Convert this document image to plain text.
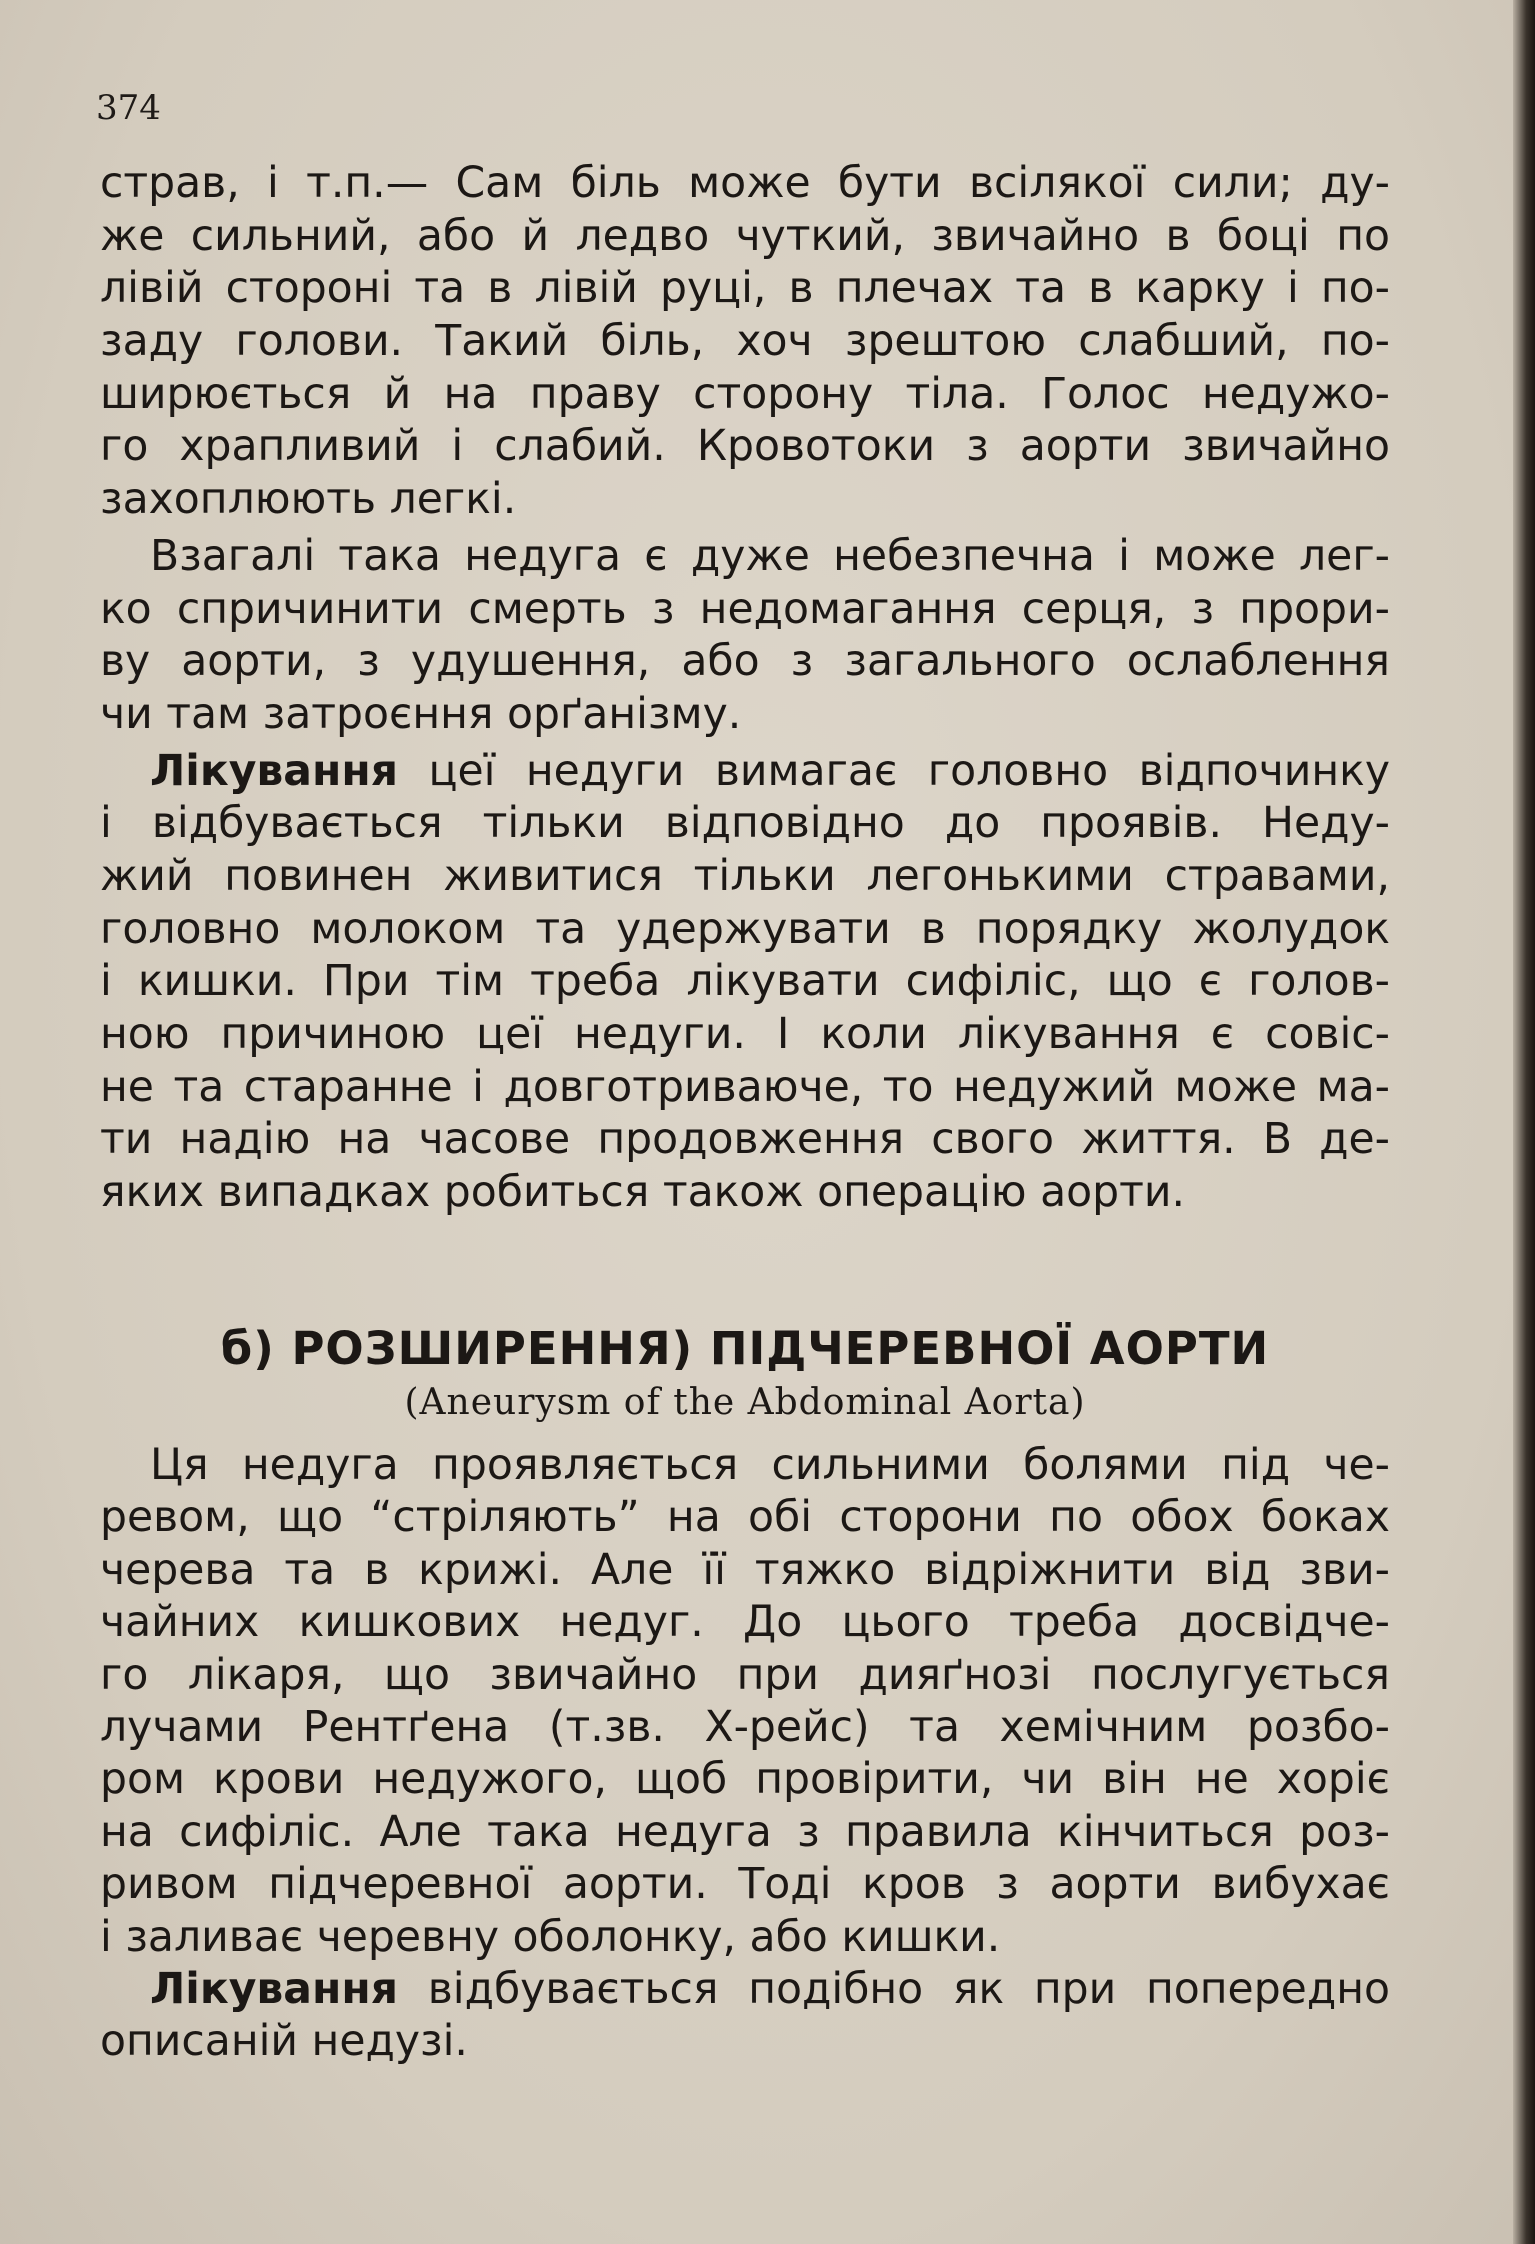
374
страв, і т.п.— Сам біль може бути всілякої сили; ду-
же сильний, або й ледво чуткий, звичайно в боці по
лівій стороні та в лівій руці, в плечах та в карку і по-
заду голови. Такий біль, хоч зрештою слабший, по-
ширюється й на праву сторону тіла. Голос недужо-
го храпливий і слабий. Кровотоки з аорти звичайно
захоплюють легкі.
Взагалі така недуга є дуже небезпечна і може лег-
ко спричинити смерть з недомагання серця, з прори-
ву аорти, з удушення, або з загального ослаблення
чи там затроєння орґанізму.
Лікування цеї недуги вимагає головно відпочинку
і відбувається тільки відповідно до проявів. Неду-
жий повинен живитися тільки легонькими стравами,
головно молоком та удержувати в порядку жолудок
і кишки. При тім треба лікувати сифіліс, що є голов-
ною причиною цеї недуги. І коли лікування є совіс-
не та старанне і довготриваюче, то недужий може ма-
ти надію на часове продовження свого життя. В де-
яких випадках робиться також операцію аорти.
б) РОЗШИРЕННЯ) ПІДЧЕРЕВНОЇ АОРТИ
(Aneurysm of the Abdominal Aorta)
Ця недуга проявляється сильними болями під че-
ревом, що “стріляють” на обі сторони по обох боках
черева та в крижі. Але її тяжко відріжнити від зви-
чайних кишкових недуг. До цього треба досвідче-
го лікаря, що звичайно при дияґнозі послугується
лучами Рентґена (т.зв. Х-рейс) та хемічним розбо-
ром крови недужого, щоб провірити, чи він не хоріє
на сифіліс. Але така недуга з правила кінчиться роз-
ривом підчеревної аорти. Тоді кров з аорти вибухає
і заливає черевну оболонку, або кишки.
Лікування відбувається подібно як при попередно
описаній недузі.
